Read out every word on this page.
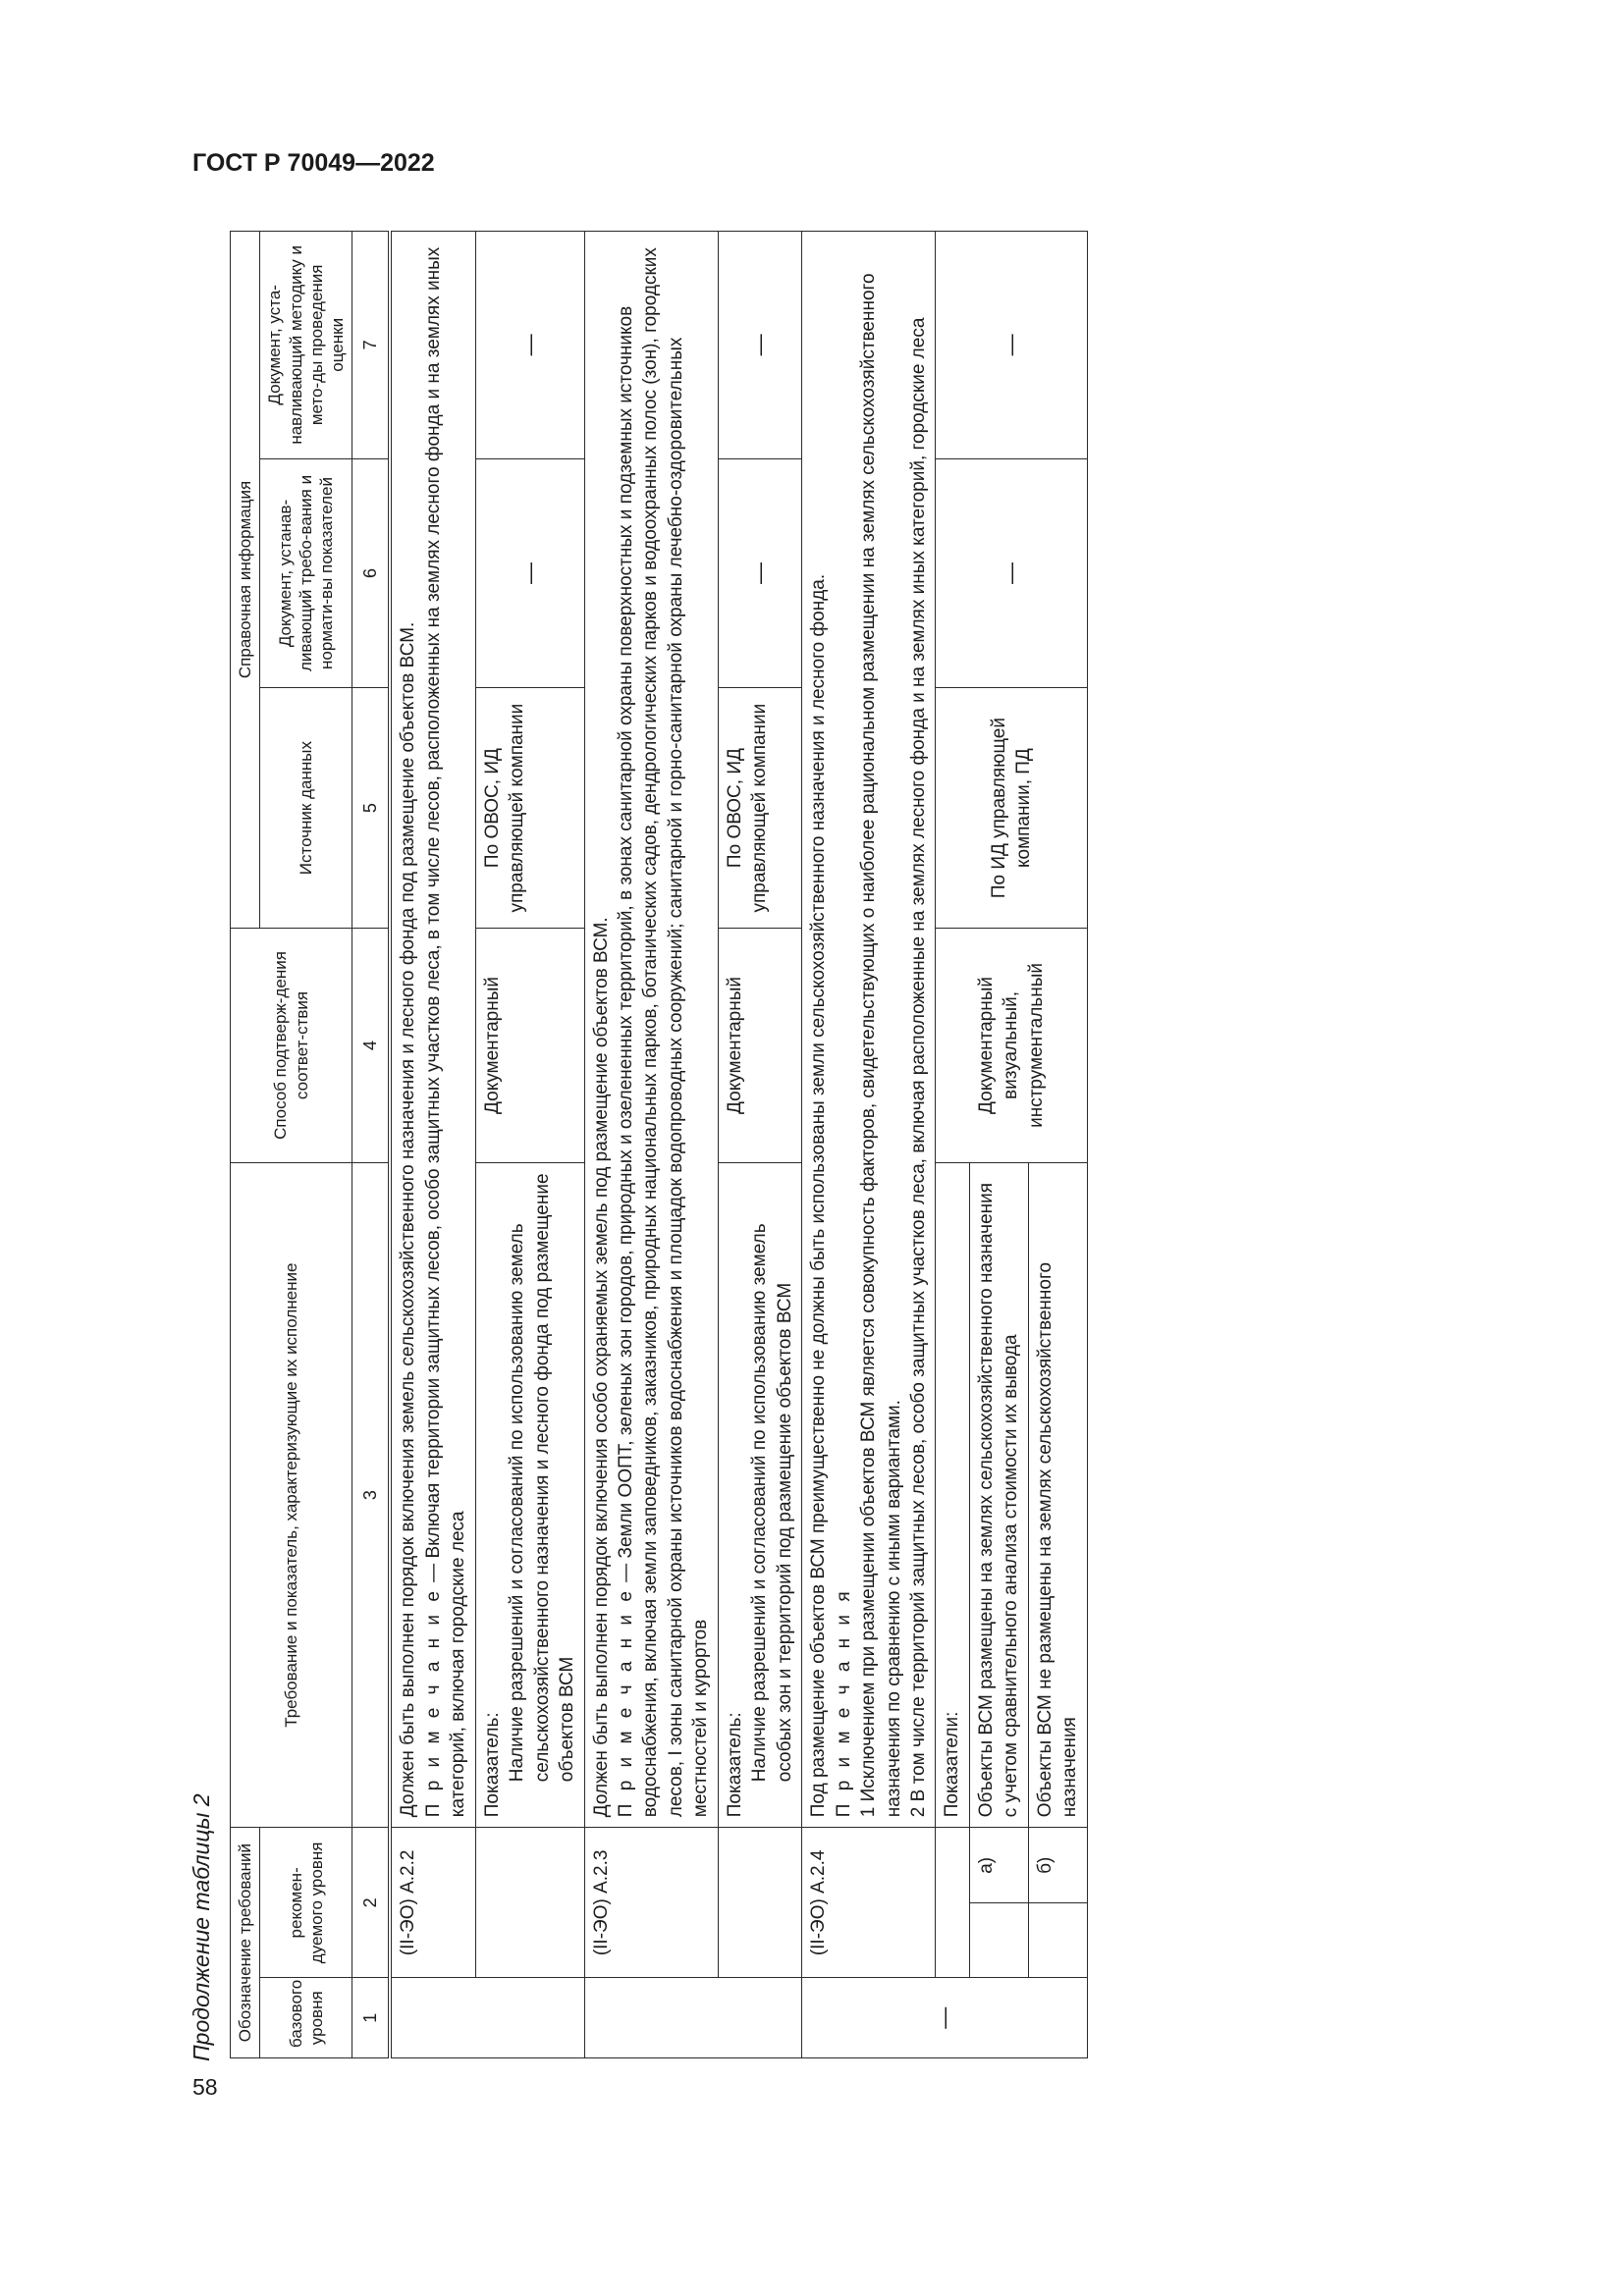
ГОСТ Р 70049—2022
Продолжение таблицы 2 Обозначение требований			Требование и показатель, характеризующие их исполнение	Способ подтверж-дения соответ-ствия	Справочная информация		
базового уровня	рекомен-дуемого уровня				Источник данных	Документ, устанав-ливающий требо-вания и нормати-вы показателей	Документ, уста-навливающий методику и мето-ды проведения оценки
1	2		3	4	5	6	7
	(II-ЭО) А.2.2		Должен быть выполнен порядок включения земель сельскохозяйственного назначения и лесного фонда под размещение объектов ВСМ. П р и м е ч а н и е — Включая территории защитных лесов, особо защитных участков леса, в том числе лесов, расположенных на землях лесного фонда и на землях иных категорий, включая городские леса				

			Показатель: Наличие разрешений и согласований по использованию земель сельскохозяйственного назначения и лесного фонда под размещение объектов ВСМ	Документарный	По ОВОС, ИД управляющей компании	—	—
	(II-ЭО) А.2.3		Должен быть выполнен порядок включения особо охраняемых земель под размещение объектов ВСМ. П р и м е ч а н и е — Земли ООПТ, зеленых зон городов, природных и озелененных территорий, в зонах санитарной охраны поверхностных и подземных источников водоснабжения, включая земли заповедников, заказников, природных национальных парков, ботанических садов, дендрологических парков и водоохранных полос (зон), городских лесов, I зоны санитарной охраны источников водоснабжения и площадок водопроводных сооружений; санитарной и горно-санитарной охраны лечебно-оздоровительных местностей и курортов				

			Показатель: Наличие разрешений и согласований по использованию земель особых зон и территорий под размещение объектов ВСМ	Документарный	По ОВОС, ИД управляющей компании	—	—
—	(II-ЭО) А.2.4		Под размещение объектов ВСМ преимущественно не должны быть использованы земли сельскохозяйственного назначения и лесного фонда. П р и м е ч а н и я 1 Исключением при размещении объектов ВСМ является совокупность факторов, свидетельствующих о наиболее рациональном размещении на землях сельскохозяйственного назначения по сравнению с иными вариантами. 2 В том числе территорий защитных лесов, особо защитных участков леса, включая расположенные на землях лесного фонда и на землях иных категорий, городские леса				

			Показатели:	Документарный визуальный, инструментальный	По ИД управляющей компании, ПД	—	—
		а)	Объекты ВСМ размещены на землях сельскохозяйственного назначения с учетом сравнительного анализа стоимости их вывода				
		б)	Объекты ВСМ не размещены на землях сельскохозяйственного назначения				
58
